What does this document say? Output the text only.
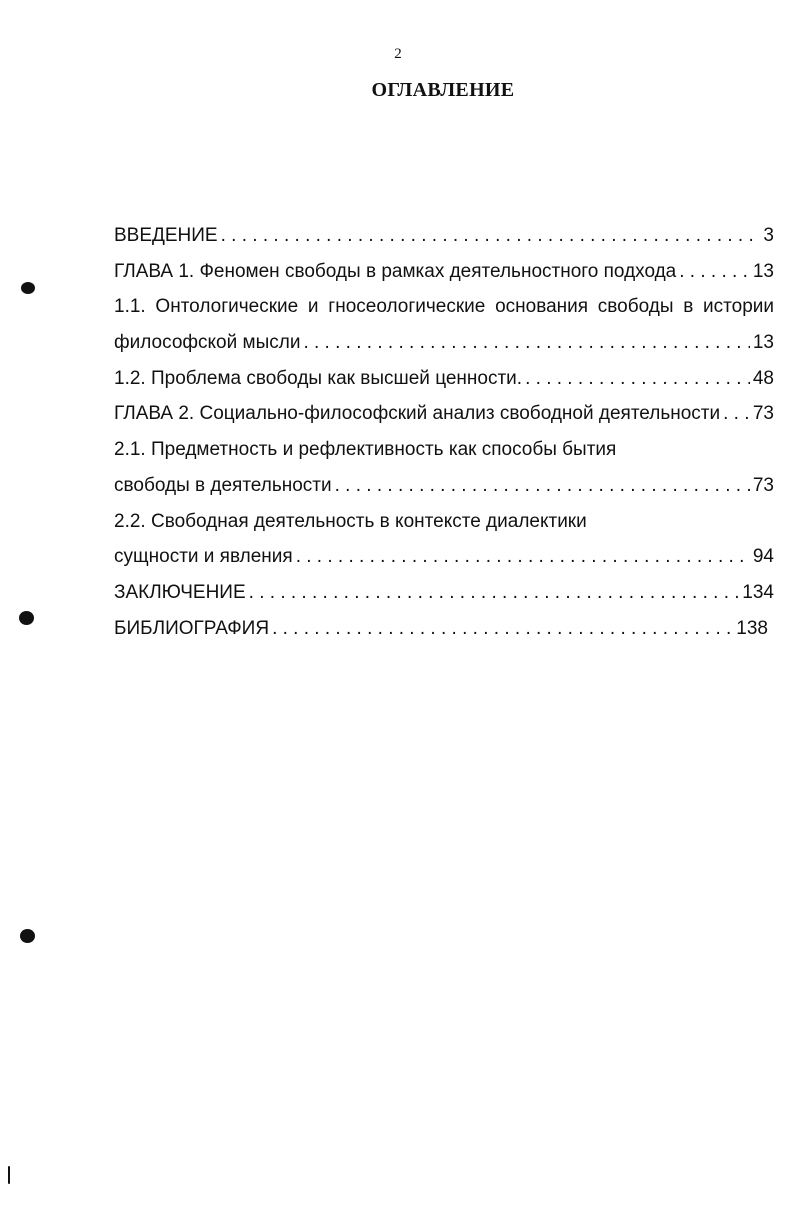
2
ОГЛАВЛЕНИЕ
ВВЕДЕНИЕ . . .	3
ГЛАВА 1. Феномен свободы в рамках деятельностного подхода . . .	13
1.1. Онтологические и гносеологические основания свободы в истории
философской мысли . . .	13
1.2. Проблема свободы как высшей ценности. . . .	48
ГЛАВА 2. Социально-философский анализ свободной деятельности . . . 73
2.1. Предметность и рефлективность как способы бытия
свободы в деятельности . . .	73
2.2. Свободная деятельность в контексте диалектики
сущности и явления . . .	94
ЗАКЛЮЧЕНИЕ . . .	134
БИБЛИОГРАФИЯ . . .	138
